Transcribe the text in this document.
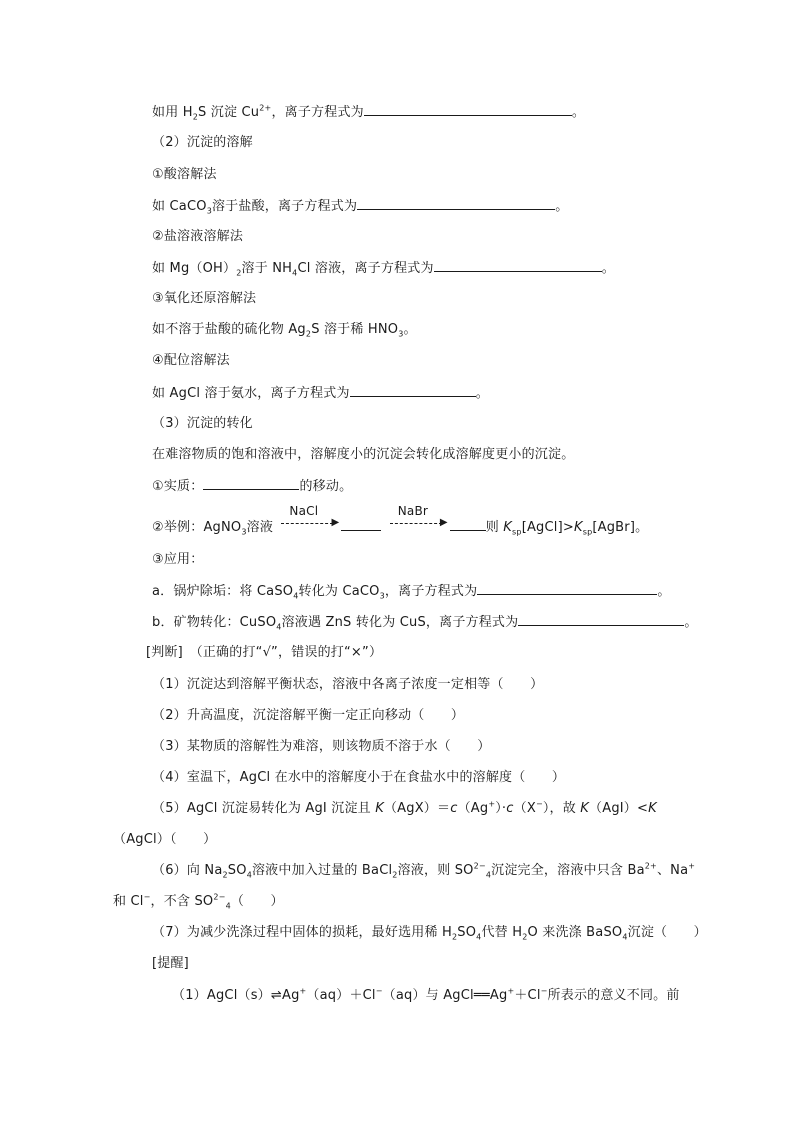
如用 $H_2S$ 沉淀 $Cu^{2+}$，离子方程式为	。
（2）沉淀的溶解
①酸溶解法
如 CaCO$_3$溶于盐酸，离子方程式为	。
②盐溶液溶解法
如 $Mg(OH)_2$溶于 $NH_4Cl$ 溶液，离子方程式为	。
③氧化还原溶解法
如不溶于盐酸的硫化物 $Ag_2S$ 溶于稀 $HNO_3$。
④配位溶解法
如 AgCl 溶于氨水，离子方程式为	。
（3）沉淀的转化
在难溶物质的饱和溶液中，溶解度小的沉淀会转化成溶解度更小的沉淀。
①实质：	的移动。
②举例：AgNO$_3$溶液
NaCl
▶

NaBr
▶	则 $K_{sp}[AgCl]>K_{sp}[AgBr]$。
③应用：
a．锅炉除垢：将 CaSO$_4$转化为 CaCO$_3$，离子方程式为	。
b．矿物转化：CuSO$_4$溶液遇 ZnS 转化为 CuS，离子方程式为	。
[判断]　（正确的打“√”，错误的打“×”）
（1）沉淀达到溶解平衡状态，溶液中各离子浓度一定相等（　　）
（2）升高温度，沉淀溶解平衡一定正向移动（　　）
（3）某物质的溶解性为难溶，则该物质不溶于水（　　）
（4）室温下，AgCl 在水中的溶解度小于在食盐水中的溶解度（　　）
（5）AgCl 沉淀易转化为 AgI 沉淀且 K（AgX）＝c（Ag+）·c（X−），故 K（AgI）<K
（AgCl）（　　）
（6）向 $Na_2SO_4$溶液中加入过量的 BaCl$_2$溶液，则 $SO^{2-}_4$沉淀完全，溶液中只含 $Ba^{2+}$、Na+
和 Cl−，不含 $SO^{2-}_4$（　　）
（7）为减少洗涤过程中固体的损耗，最好选用稀 $H_2SO_4$代替 $H_2O$ 来洗涤 BaSO$_4$沉淀（　　）
[提醒]
（1）AgCl（s）⇌Ag+（aq）＋Cl−（aq）与 AgCl══Ag+＋Cl−所表示的意义不同。前
